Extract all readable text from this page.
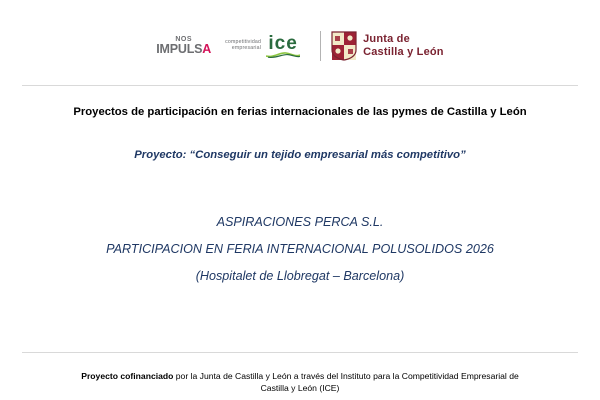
NOS
IMPULSA
competitividad
empresarial ice	Junta de
Castilla y León
Proyectos de participación en ferias internacionales de las pymes de Castilla y León
Proyecto: “Conseguir un tejido empresarial más competitivo”
ASPIRACIONES PERCA S.L.
PARTICIPACION EN FERIA INTERNACIONAL POLUSOLIDOS 2026
(Hospitalet de Llobregat – Barcelona)
Proyecto cofinanciado por la Junta de Castilla y León a través del Instituto para la Competitividad Empresarial de
Castilla y León (ICE)
